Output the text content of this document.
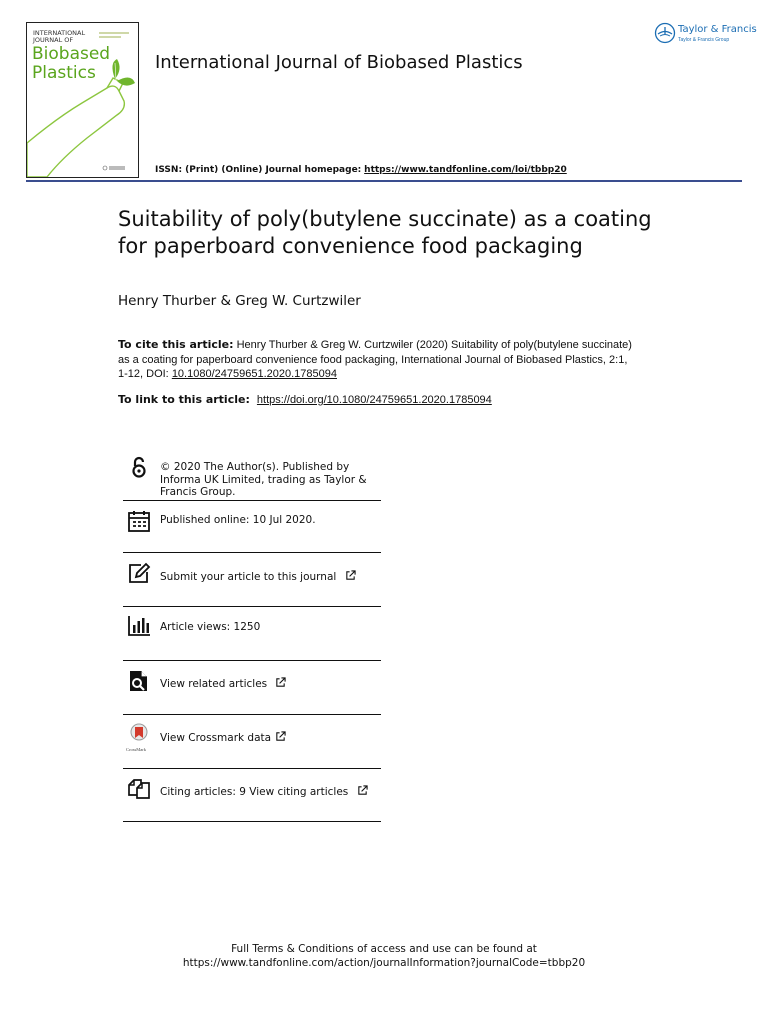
INTERNATIONAL JOURNAL OF
Biobased Plastics	International Journal of Biobased Plastics
Taylor & Francis
Taylor & Francis Group
ISSN: (Print) (Online) Journal homepage: https://www.tandfonline.com/loi/tbbp20
Suitability of poly(butylene succinate) as a coating for paperboard convenience food packaging
Henry Thurber & Greg W. Curtzwiler
To cite this article: Henry Thurber & Greg W. Curtzwiler (2020) Suitability of poly(butylene succinate) as a coating for paperboard convenience food packaging, International Journal of Biobased Plastics, 2:1, 1-12, DOI: 10.1080/24759651.2020.1785094
To link to this article: https://doi.org/10.1080/24759651.2020.1785094
© 2020 The Author(s). Published by Informa UK Limited, trading as Taylor & Francis Group.
Published online: 10 Jul 2020.
Submit your article to this journal
Article views: 1250
View related articles
CrossMark
View Crossmark data
Citing articles: 9 View citing articles
Full Terms & Conditions of access and use can be found at
https://www.tandfonline.com/action/journalInformation?journalCode=tbbp20
